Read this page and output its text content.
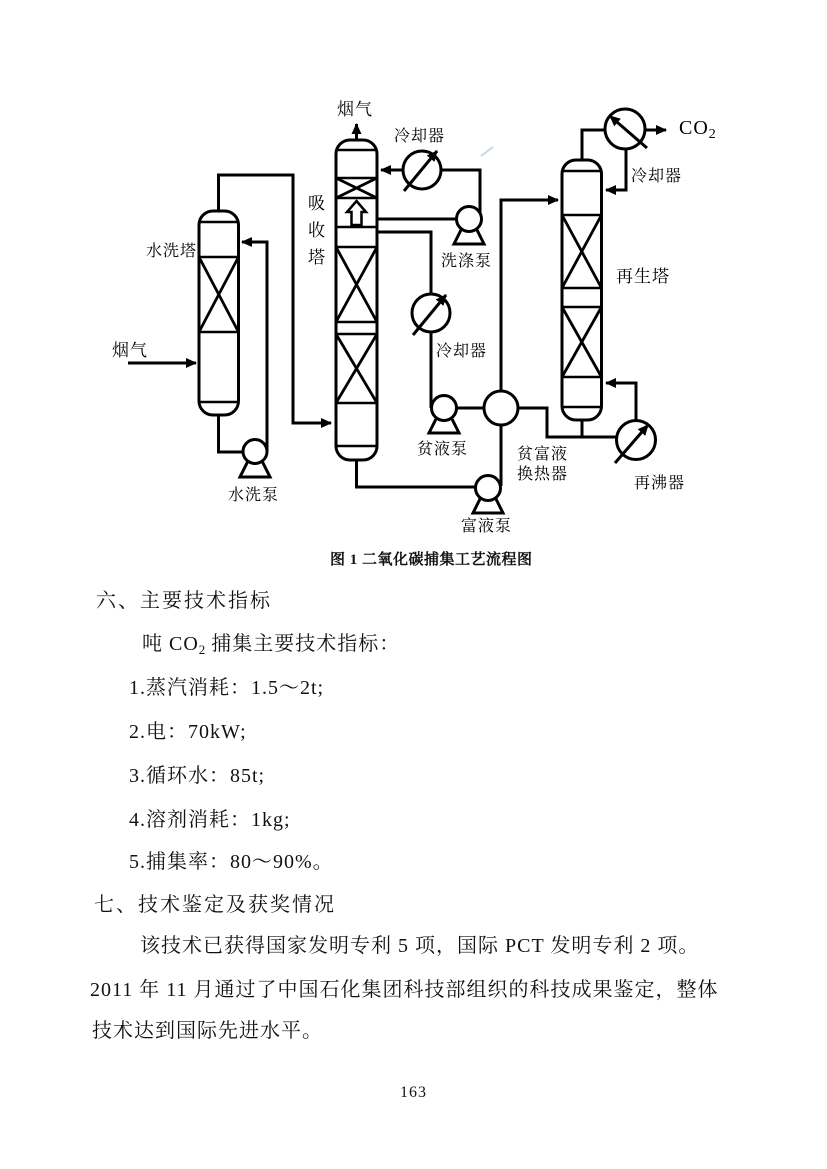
烟气
烟气
水洗塔
吸
收
塔
再生塔
冷却器
冷却器
冷却器
洗涤泵
水洗泵
贫液泵
富液泵
贫富液
换热器
再沸器
CO2
图 1 二氧化碳捕集工艺流程图
六、主要技术指标
吨 $CO_2$ 捕集主要技术指标：
1.蒸汽消耗：1.5～2t;
2.电：70kW;
3.循环水：85t;
4.溶剂消耗：1kg;
5.捕集率：80～90%。
七、技术鉴定及获奖情况
该技术已获得国家发明专利 5 项，国际 PCT 发明专利 2 项。
2011 年 11 月通过了中国石化集团科技部组织的科技成果鉴定，整体
技术达到国际先进水平。
163
